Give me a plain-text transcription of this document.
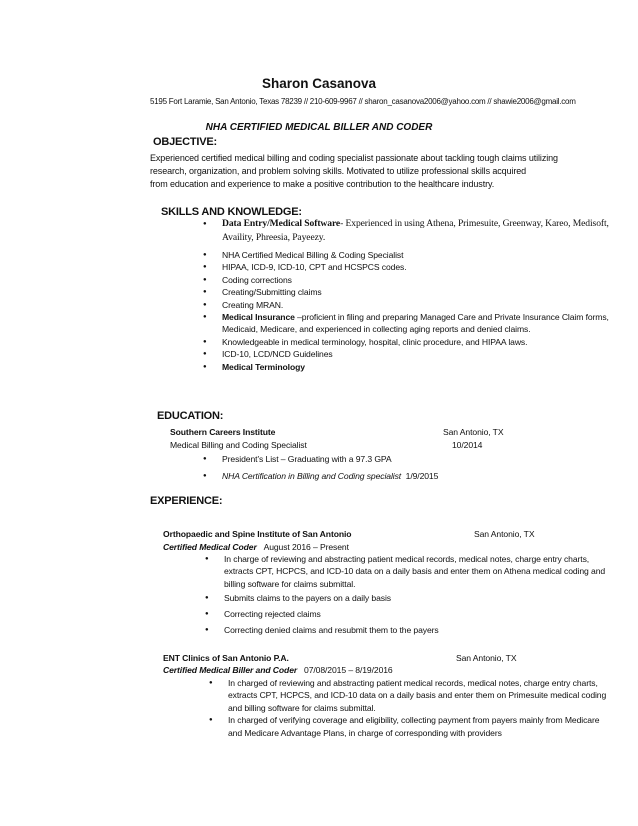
Sharon Casanova
5195 Fort Laramie, San Antonio, Texas 78239 // 210-609-9967 // sharon_casanova2006@yahoo.com // shawie2006@gmail.com
NHA CERTIFIED MEDICAL BILLER AND CODER
OBJECTIVE:
Experienced certified medical billing and coding specialist passionate about tackling tough claims utilizing
research, organization, and problem solving skills. Motivated to utilize professional skills acquired
from education and experience to make a positive contribution to the healthcare industry.
SKILLS AND KNOWLEDGE:
● Data Entry/Medical Software- Experienced in using Athena, Primesuite, Greenway, Kareo, Medisoft, Availity, Phreesia, Payeezy.
● NHA Certified Medical Billing & Coding Specialist
● HIPAA, ICD-9, ICD-10, CPT and HCSPCS codes.
● Coding corrections
● Creating/Submitting claims
● Creating MRAN.
● Medical Insurance –proficient in filing and preparing Managed Care and Private Insurance Claim forms, Medicaid, Medicare, and experienced in collecting aging reports and denied claims.
● Knowledgeable in medical terminology, hospital, clinic procedure, and HIPAA laws.
● ICD-10, LCD/NCD Guidelines
● Medical Terminology
EDUCATION:
Southern Careers Institute	San Antonio, TX
Medical Billing and Coding Specialist	10/2014
● President’s List – Graduating with a 97.3 GPA
● NHA Certification in Billing and Coding specialist 1/9/2015
EXPERIENCE:
Orthopaedic and Spine Institute of San Antonio	San Antonio, TX
Certified Medical Coder August 2016 – Present
● In charge of reviewing and abstracting patient medical records, medical notes, charge entry charts, extracts CPT, HCPCS, and ICD-10 data on a daily basis and enter them on Athena medical coding and billing software for claims submittal.
● Submits claims to the payers on a daily basis
● Correcting rejected claims
● Correcting denied claims and resubmit them to the payers
ENT Clinics of San Antonio P.A.	San Antonio, TX
Certified Medical Biller and Coder 07/08/2015 – 8/19/2016
● In charged of reviewing and abstracting patient medical records, medical notes, charge entry charts, extracts CPT, HCPCS, and ICD-10 data on a daily basis and enter them on Primesuite medical coding and billing software for claims submittal.
● In charged of verifying coverage and eligibility, collecting payment from payers mainly from Medicare and Medicare Advantage Plans, in charge of corresponding with providers
